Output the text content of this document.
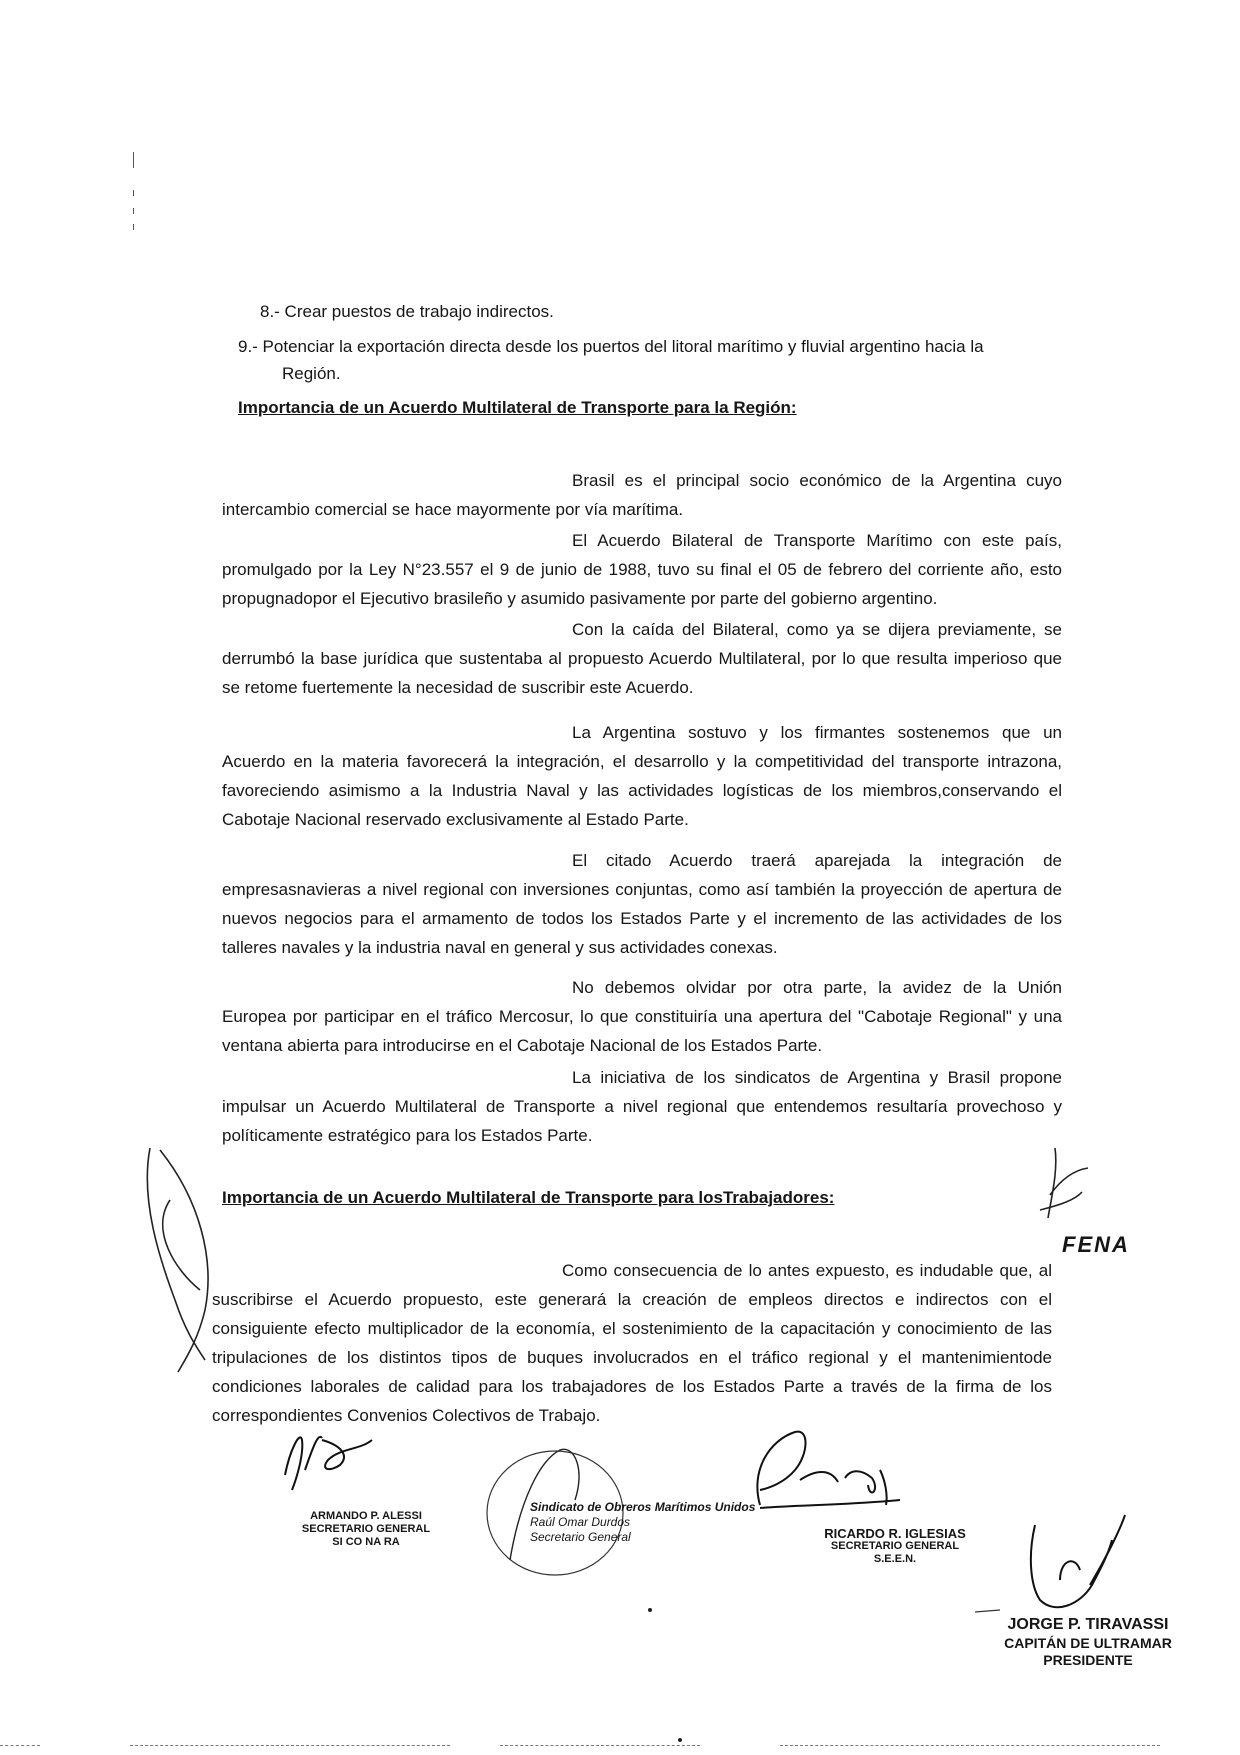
8.- Crear puestos de trabajo indirectos.
9.- Potenciar la exportación directa desde los puertos del litoral marítimo y fluvial argentino hacia la
Región.
Importancia de un Acuerdo Multilateral de Transporte para la Región:

Brasil es el principal socio económico de la Argentina cuyo intercambio comercial se hace mayormente por vía marítima.

El Acuerdo Bilateral de Transporte Marítimo con este país, promulgado por la Ley N°23.557 el 9 de junio de 1988, tuvo su final el 05 de febrero del corriente año, esto propugnadopor el Ejecutivo brasileño y asumido pasivamente por parte del gobierno argentino.

Con la caída del Bilateral, como ya se dijera previamente, se derrumbó la base jurídica que sustentaba al propuesto Acuerdo Multilateral, por lo que resulta imperioso que se retome fuertemente la necesidad de suscribir este Acuerdo.

La Argentina sostuvo y los firmantes sostenemos que un Acuerdo en la materia favorecerá la integración, el desarrollo y la competitividad del transporte intrazona, favoreciendo asimismo a la Industria Naval y las actividades logísticas de los miembros,conservando el Cabotaje Nacional reservado exclusivamente al Estado Parte.

El citado Acuerdo traerá aparejada la integración de empresasnavieras a nivel regional con inversiones conjuntas, como así también la proyección de apertura de nuevos negocios para el armamento de todos los Estados Parte y el incremento de las actividades de los talleres navales y la industria naval en general y sus actividades conexas.

No debemos olvidar por otra parte, la avidez de la Unión Europea por participar en el tráfico Mercosur, lo que constituiría una apertura del "Cabotaje Regional" y una ventana abierta para introducirse en el Cabotaje Nacional de los Estados Parte.

La iniciativa de los sindicatos de Argentina y Brasil propone impulsar un Acuerdo Multilateral de Transporte a nivel regional que entendemos resultaría provechoso y políticamente estratégico para los Estados Parte.

Importancia de un Acuerdo Multilateral de Transporte para losTrabajadores:

Como consecuencia de lo antes expuesto, es indudable que, al suscribirse el Acuerdo propuesto, este generará la creación de empleos directos e indirectos con el consiguiente efecto multiplicador de la economía, el sostenimiento de la capacitación y conocimiento de las tripulaciones de los distintos tipos de buques involucrados en el tráfico regional y el mantenimientode condiciones laborales de calidad para los trabajadores de los Estados Parte a través de la firma de los correspondientes Convenios Colectivos de Trabajo.

FENA
ARMANDO P. ALESSI
SECRETARIO GENERAL
SI CO NA RA
Sindicato de Obreros Marítimos Unidos
Raúl Omar Durdos
Secretario General	RICARDO R. IGLESIAS
SECRETARIO GENERAL
S.E.E.N.
JORGE P. TIRAVASSI
CAPITÁN DE ULTRAMAR
PRESIDENTE
